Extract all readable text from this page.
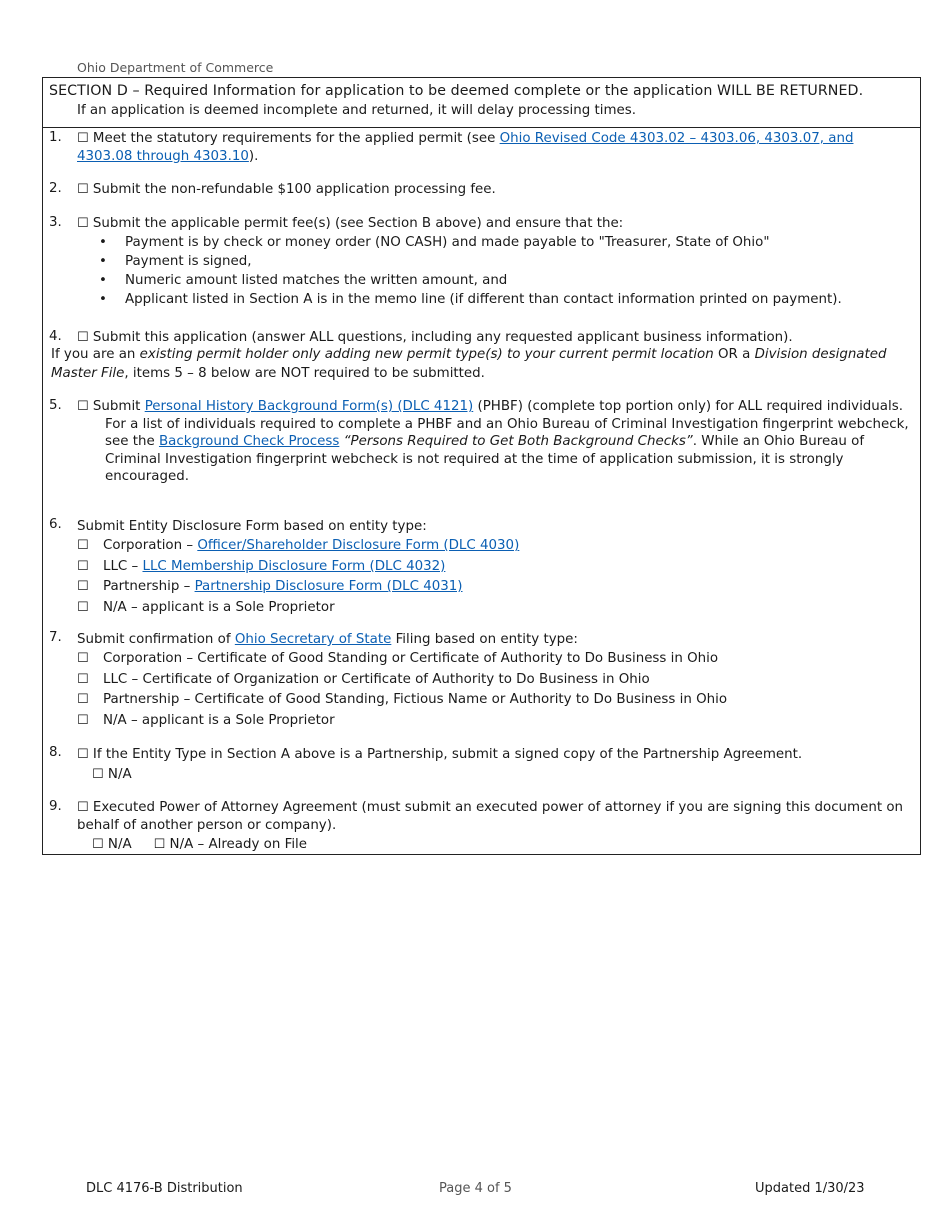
Ohio Department of Commerce
SECTION D – Required Information for application to be deemed complete or the application WILL BE RETURNED.
If an application is deemed incomplete and returned, it will delay processing times.
1. ☐ Meet the statutory requirements for the applied permit (see Ohio Revised Code 4303.02 – 4303.06, 4303.07, and 4303.08 through 4303.10).
2. ☐ Submit the non-refundable $100 application processing fee.
3. ☐ Submit the applicable permit fee(s) (see Section B above) and ensure that the:
• Payment is by check or money order (NO CASH) and made payable to "Treasurer, State of Ohio"
• Payment is signed,
• Numeric amount listed matches the written amount, and
• Applicant listed in Section A is in the memo line (if different than contact information printed on payment).
4. ☐ Submit this application (answer ALL questions, including any requested applicant business information).
If you are an existing permit holder only adding new permit type(s) to your current permit location OR a Division designated Master File, items 5 – 8 below are NOT required to be submitted.
5. ☐ Submit Personal History Background Form(s) (DLC 4121) (PHBF) (complete top portion only) for ALL required individuals.
For a list of individuals required to complete a PHBF and an Ohio Bureau of Criminal Investigation fingerprint webcheck, see the Background Check Process “Persons Required to Get Both Background Checks”. While an Ohio Bureau of Criminal Investigation fingerprint webcheck is not required at the time of application submission, it is strongly encouraged.
6. Submit Entity Disclosure Form based on entity type:
☐ Corporation – Officer/Shareholder Disclosure Form (DLC 4030)
☐ LLC – LLC Membership Disclosure Form (DLC 4032)
☐ Partnership – Partnership Disclosure Form (DLC 4031)
☐ N/A – applicant is a Sole Proprietor
7. Submit confirmation of Ohio Secretary of State Filing based on entity type:
☐ Corporation – Certificate of Good Standing or Certificate of Authority to Do Business in Ohio
☐ LLC – Certificate of Organization or Certificate of Authority to Do Business in Ohio
☐ Partnership – Certificate of Good Standing, Fictious Name or Authority to Do Business in Ohio
☐ N/A – applicant is a Sole Proprietor
8. ☐ If the Entity Type in Section A above is a Partnership, submit a signed copy of the Partnership Agreement.
☐ N/A
9. ☐ Executed Power of Attorney Agreement (must submit an executed power of attorney if you are signing this document on behalf of another person or company).
☐ N/A ☐ N/A – Already on File
DLC 4176-B Distribution	Page 4 of 5	Updated 1/30/23
